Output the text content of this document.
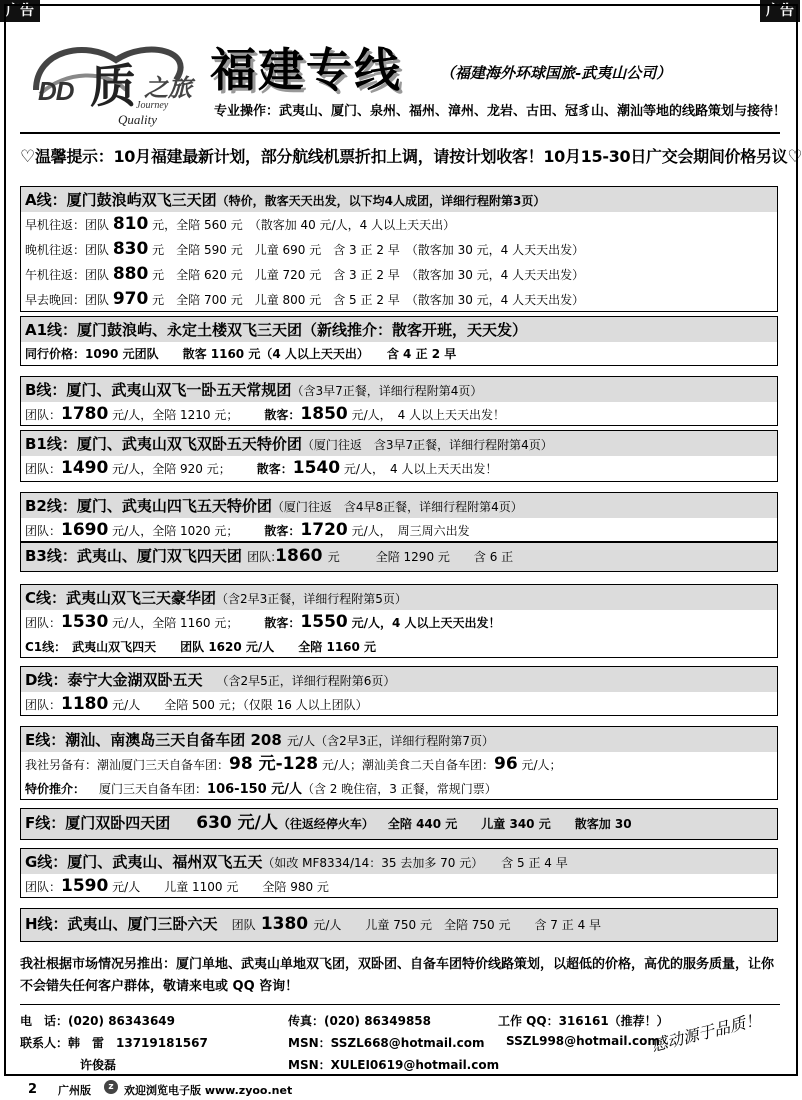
广告	广告
DD 质 之旅
Journey
Quality
福建专线	（福建海外环球国旅-武夷山公司）
专业操作：武夷山、厦门、泉州、福州、漳州、龙岩、古田、冠豸山、潮汕等地的线路策划与接待！
♡温馨提示：10月福建最新计划，部分航线机票折扣上调，请按计划收客！10月15-30日广交会期间价格另议♡
A线：厦门鼓浪屿双飞三天团（特价，散客天天出发，以下均4人成团，详细行程附第3页）
早机往返：团队 810 元，全陪 560 元　（散客加 40 元/人，4 人以上天天出）
晚机往返：团队 830 元　全陪 590 元　儿童 690 元　含 3 正 2 早　（散客加 30 元，4 人天天出发）
午机往返：团队 880 元　全陪 620 元　儿童 720 元　含 3 正 2 早　（散客加 30 元，4 人天天出发）
早去晚回：团队 970 元　全陪 700 元　儿童 800 元　含 5 正 2 早　（散客加 30 元，4 人天天出发）
A1线：厦门鼓浪屿、永定土楼双飞三天团（新线推介：散客开班，天天发）
同行价格：1090 元团队　　散客 1160 元（4 人以上天天出）　　含 4 正 2 早
B线：厦门、武夷山双飞一卧五天常规团（含3早7正餐，详细行程附第4页）
团队：1780 元/人，全陪 1210 元； 散客：1850 元/人，　4 人以上天天出发！
B1线：厦门、武夷山双飞双卧五天特价团（厦门往返　含3早7正餐，详细行程附第4页）
团队：1490 元/人，全陪 920 元； 散客：1540 元/人，　4 人以上天天出发！
B2线：厦门、武夷山四飞五天特价团（厦门往返　含4早8正餐，详细行程附第4页）
团队：1690 元/人，全陪 1020 元； 散客：1720 元/人，　周三周六出发
B3线：武夷山、厦门双飞四天团 团队:1860 元　　　全陪 1290 元　　含 6 正
C线：武夷山双飞三天豪华团（含2早3正餐，详细行程附第5页）
团队：1530 元/人，全陪 1160 元； 散客：1550 元/人，4 人以上天天出发！
C1线：　武夷山双飞四天　　团队 1620 元/人　　全陪 1160 元
D线：泰宁大金湖双卧五天 （含2早5正，详细行程附第6页）
团队：1180 元/人　　全陪 500 元；（仅限 16 人以上团队）
E线：潮汕、南澳岛三天自备车团 208 元/人（含2早3正，详细行程附第7页）
我社另备有：潮汕厦门三天自备车团：98 元-128 元/人；潮汕美食二天自备车团：96 元/人；
特价推介： 厦门三天自备车团：106-150 元/人（含 2 晚住宿，3 正餐，常规门票）
F线：厦门双卧四天团 630 元/人（往返经停火车） 全陪 440 元　　儿童 340 元　　散客加 30
G线：厦门、武夷山、福州双飞五天（如改 MF8334/14：35 去加多 70 元）　　含 5 正 4 早
团队：1590 元/人　　儿童 1100 元　　全陪 980 元
H线：武夷山、厦门三卧六天 团队 1380 元/人　　儿童 750 元　全陪 750 元　　含 7 正 4 早
我社根据市场情况另推出：厦门单地、武夷山单地双飞团，双卧团、自备车团特价线路策划，以超低的价格，高优的服务质量，让你不会错失任何客户群体，敬请来电或 QQ 咨询！
电　话：(020) 86343649	传真：(020) 86349858	工作 QQ：316161（推荐！）
联系人：韩　雷　13719181567	MSN：SSZL668@hotmail.com SSZL998@hotmail.com
许俊磊	MSN：XULEI0619@hotmail.com
感动源于品质！
2 广州版	z 欢迎浏览电子版 www.zyoo.net
